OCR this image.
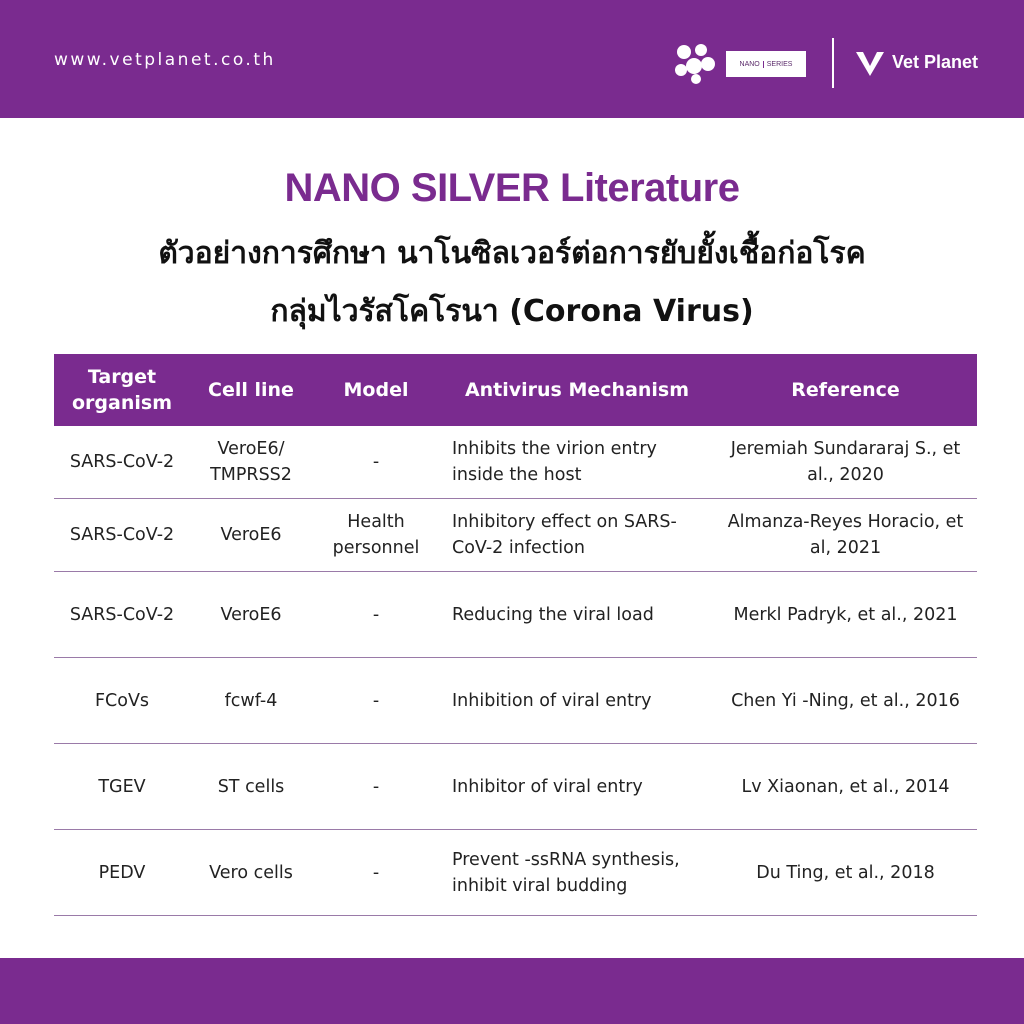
www.vetplanet.co.th	NANO	SERIES	Vet Planet
NANO SILVER Literature
ตัวอย่างการศึกษา นาโนซิลเวอร์ต่อการยับยั้งเชื้อก่อโรค
กลุ่มไวรัสโคโรนา (Corona Virus)
Target organism	Cell line	Model	Antivirus Mechanism	Reference
SARS-CoV-2	VeroE6/ TMPRSS2	-	Inhibits the virion entry inside the host	Jeremiah Sundararaj S., et al., 2020
SARS-CoV-2	VeroE6	Health personnel	Inhibitory effect on SARS-CoV-2 infection	Almanza-Reyes Horacio, et al, 2021
SARS-CoV-2	VeroE6	-	Reducing the viral load	Merkl Padryk, et al., 2021
FCoVs	fcwf-4	-	Inhibition of viral entry	Chen Yi -Ning, et al., 2016
TGEV	ST cells	-	Inhibitor of viral entry	Lv Xiaonan, et al., 2014
PEDV	Vero cells	-	Prevent -ssRNA synthesis, inhibit viral budding	Du Ting, et al., 2018
